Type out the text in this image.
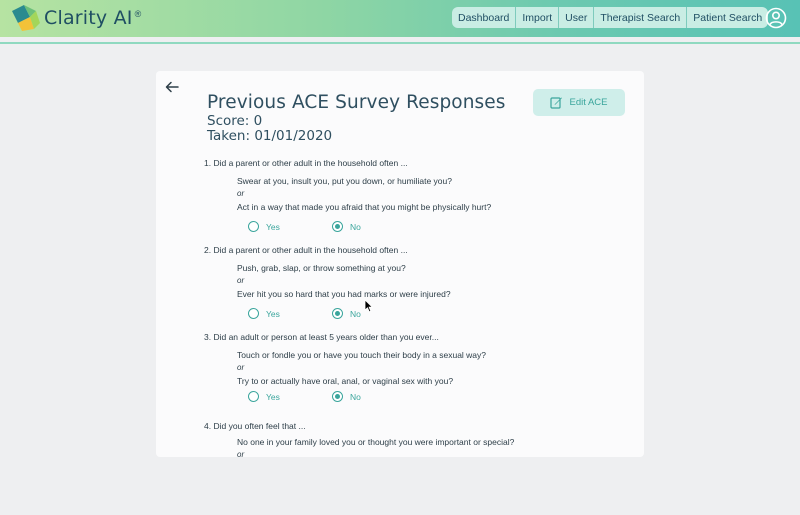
Clarity AI ®	Dashboard	Import	User	Therapist Search	Patient Search
Previous ACE Survey Responses
Score: 0
Taken: 01/01/2020
Edit ACE
1. Did a parent or other adult in the household often ...
Swear at you, insult you, put you down, or humiliate you?
or
Act in a way that made you afraid that you might be physically hurt?
Yes	No
2. Did a parent or other adult in the household often ...
Push, grab, slap, or throw something at you?
or
Ever hit you so hard that you had marks or were injured?
Yes	No
3. Did an adult or person at least 5 years older than you ever...
Touch or fondle you or have you touch their body in a sexual way?
or
Try to or actually have oral, anal, or vaginal sex with you?
Yes	No
4. Did you often feel that ...
No one in your family loved you or thought you were important or special?
or
